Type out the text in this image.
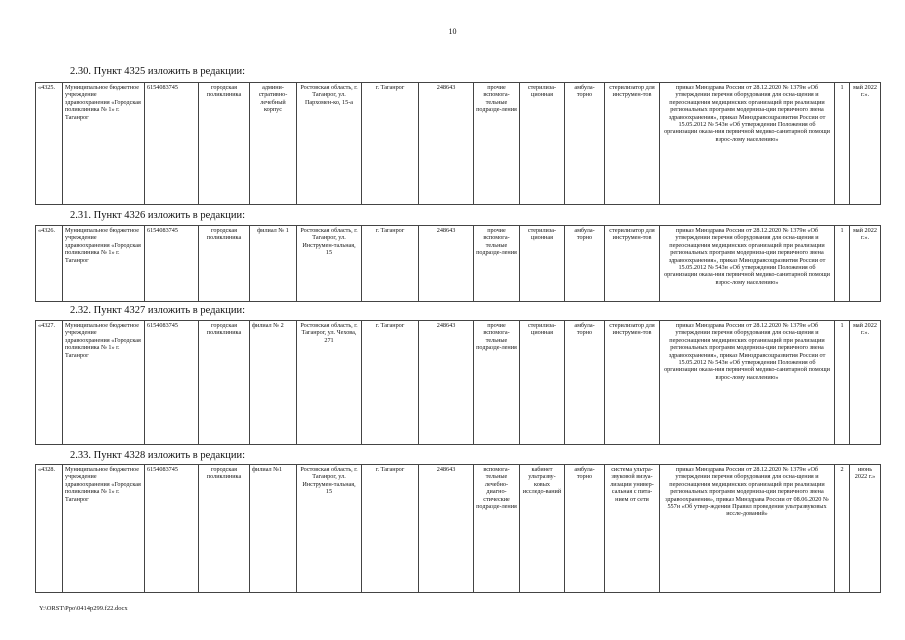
10
2.30. Пункт 4325 изложить в редакции:
«4325.	Муниципальное бюджетное учреждение здравоохранения «Городская поликлиника № 1» г. Таганрог	6154083745	городская поликлиника	админи-стративно-лечебный корпус	Ростовская область, г. Таганрог, ул. Пархомен-ко, 15-а	г. Таганрог	248643	прочие вспомога-тельные подразде-ления	стерилиза-ционная	амбула-торно	стерилизатор для инструмен-тов	приказ Минздрава России от 28.12.2020 № 1379н «Об утверждении перечня оборудования для осна-щения и переоснащения медицинских организаций при реализации региональных программ модерниза-ции первичного звена здравоохранения», приказ Минздравсоцразвития России от 15.05.2012 № 543н «Об утверждении Положения об организации оказа-ния первичной медико-санитарной помощи взрос-лому населению»	1	май 2022 г.».
2.31. Пункт 4326 изложить в редакции:
«4326.	Муниципальное бюджетное учреждение здравоохранения «Городская поликлиника № 1» г. Таганрог	6154083745	городская поликлиника	филиал № 1	Ростовская область, г. Таганрог, ул. Инструмен-тальная, 15	г. Таганрог	248643	прочие вспомога-тельные подразде-ления	стерилиза-ционная	амбула-торно	стерилизатор для инструмен-тов	приказ Минздрава России от 28.12.2020 № 1379н «Об утверждении перечня оборудования для осна-щения и переоснащения медицинских организаций при реализации региональных программ модерниза-ции первичного звена здравоохранения», приказ Минздравсоцразвития России от 15.05.2012 № 543н «Об утверждении Положения об организации оказа-ния первичной медико-санитарной помощи взрос-лому населению»	1	май 2022 г.».
2.32. Пункт 4327 изложить в редакции:
«4327.	Муниципальное бюджетное учреждение здравоохранения «Городская поликлиника № 1» г. Таганрог	6154083745	городская поликлиника	филиал № 2	Ростовская область, г. Таганрог, ул. Чехова, 271	г. Таганрог	248643	прочие вспомога-тельные подразде-ления	стерилиза-ционная	амбула-торно	стерилизатор для инструмен-тов	приказ Минздрава России от 28.12.2020 № 1379н «Об утверждении перечня оборудования для осна-щения и переоснащения медицинских организаций при реализации региональных программ модерниза-ции первичного звена здравоохранения», приказ Минздравсоцразвития России от 15.05.2012 № 543н «Об утверждении Положения об организации оказа-ния первичной медико-санитарной помощи взрос-лому населению»	1	май 2022 г.».
2.33. Пункт 4328 изложить в редакции:
«4328.	Муниципальное бюджетное учреждение здравоохранения «Городская поликлиника № 1» г. Таганрог	6154083745	городская поликлиника	филиал №1	Ростовская область, г. Таганрог, ул. Инструмен-тальная, 15	г. Таганрог	248643	вспомога-тельные лечебно-диагно-стические подразде-ления	кабинет ультразву-ковых исследо-ваний	амбула-торно	система ультра-звуковой визуа-лизации универ-сальная с пита-нием от сети	приказ Минздрава России от 28.12.2020 № 1379н «Об утверждении перечня оборудования для осна-щения и переоснащения медицинских организаций при реализации региональных программ модерниза-ции первичного звена здравоохранения», приказ Минздрава России от 08.06.2020 № 557н «Об утвер-ждении Правил проведения ультразвуковых иссле-дований»	2	июнь 2022 г.»
Y:\ORST\Ppo\0414p299.f22.docx
